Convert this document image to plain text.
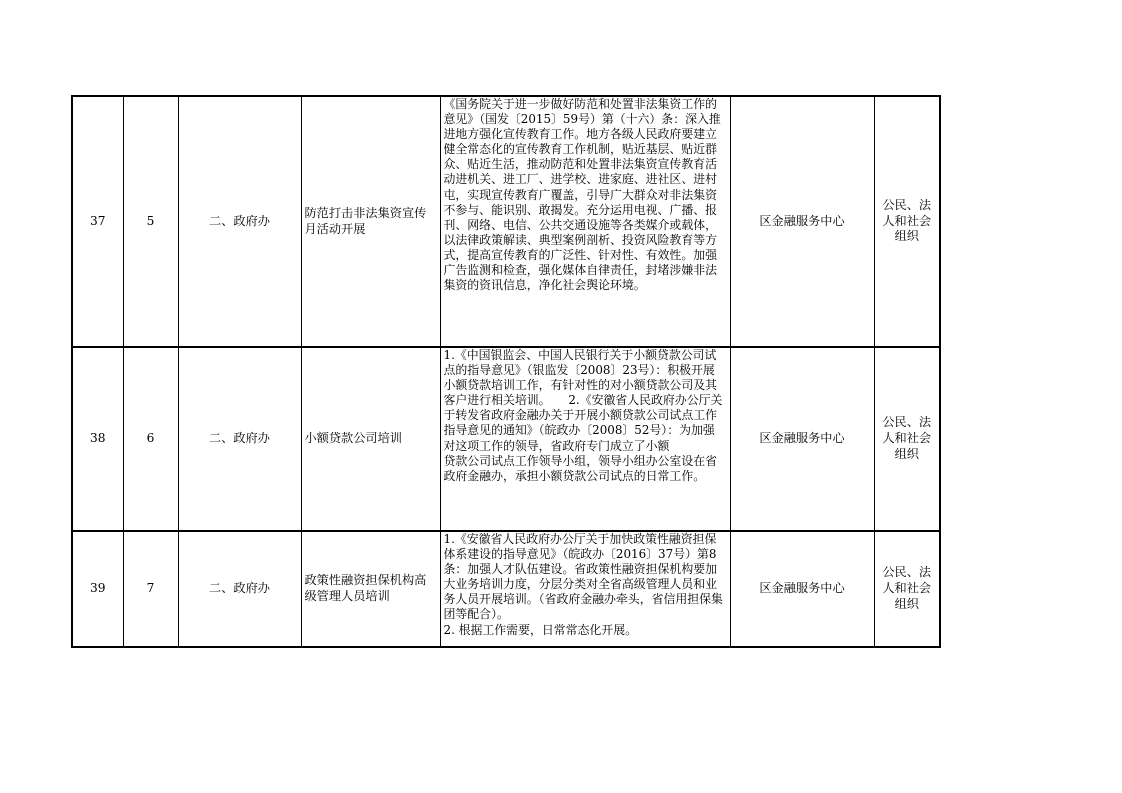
37	5	二、政府办	防范打击非法集资宣传月活动开展	《国务院关于进一步做好防范和处置非法集资工作的意见》（国发〔2015〕59号）第（十六）条：深入推进地方强化宣传教育工作。地方各级人民政府要建立健全常态化的宣传教育工作机制，贴近基层、贴近群众、贴近生活，推动防范和处置非法集资宣传教育活动进机关、进工厂、进学校、进家庭、进社区、进村屯，实现宣传教育广覆盖，引导广大群众对非法集资不参与、能识别、敢揭发。充分运用电视、广播、报刊、网络、电信、公共交通设施等各类媒介或载体，以法律政策解读、典型案例剖析、投资风险教育等方式，提高宣传教育的广泛性、针对性、有效性。加强广告监测和检查，强化媒体自律责任，封堵涉嫌非法集资的资讯信息，净化社会舆论环境。	区金融服务中心	公民、法人和社会组织
38	6	二、政府办	小额贷款公司培训	1.《中国银监会、中国人民银行关于小额贷款公司试点的指导意见》（银监发〔2008〕23号）：积极开展小额贷款培训工作，有针对性的对小额贷款公司及其客户进行相关培训。　　2.《安徽省人民政府办公厅关于转发省政府金融办关于开展小额贷款公司试点工作指导意见的通知》（皖政办〔2008〕52号）：为加强对这项工作的领导，省政府专门成立了小额
贷款公司试点工作领导小组，领导小组办公室设在省政府金融办，承担小额贷款公司试点的日常工作。	区金融服务中心	公民、法人和社会组织
39	7	二、政府办	政策性融资担保机构高级管理人员培训	1.《安徽省人民政府办公厅关于加快政策性融资担保体系建设的指导意见》（皖政办〔2016〕37号）第8条：加强人才队伍建设。省政策性融资担保机构要加大业务培训力度，分层分类对全省高级管理人员和业务人员开展培训。（省政府金融办牵头，省信用担保集团等配合）。
2. 根据工作需要，日常常态化开展。	区金融服务中心	公民、法人和社会组织
